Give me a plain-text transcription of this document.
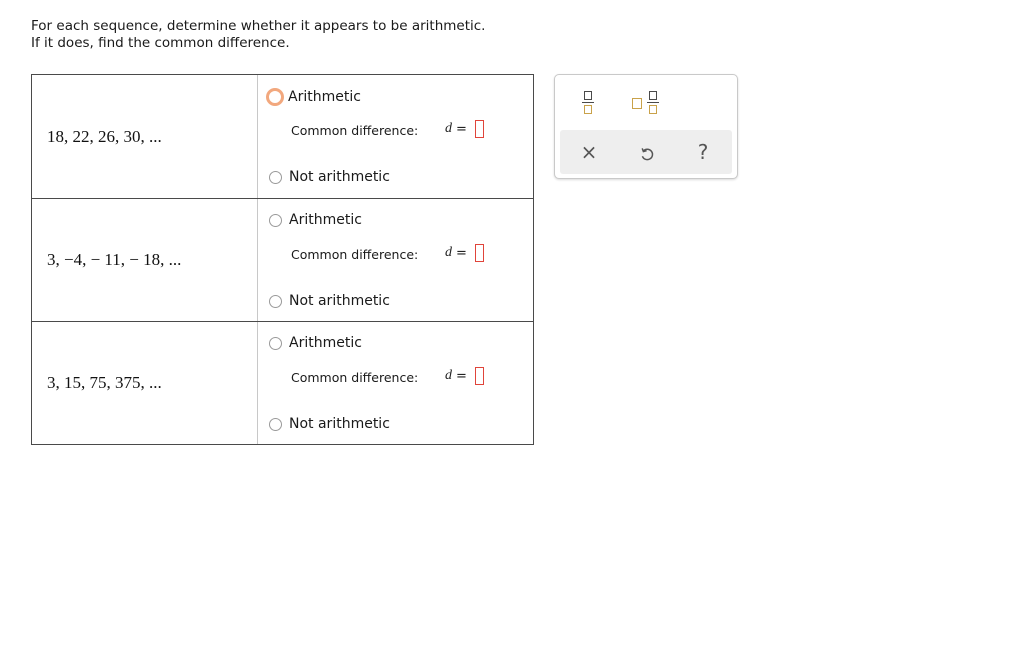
For each sequence, determine whether it appears to be arithmetic.
If it does, find the common difference.
18, 22, 26, 30, ...
Arithmetic
Common difference: d =
Not arithmetic
3, −4, − 11, − 18, ...
Arithmetic
Common difference: d =
Not arithmetic
3, 15, 75, 375, ...
Arithmetic
Common difference: d =
Not arithmetic
×	?
